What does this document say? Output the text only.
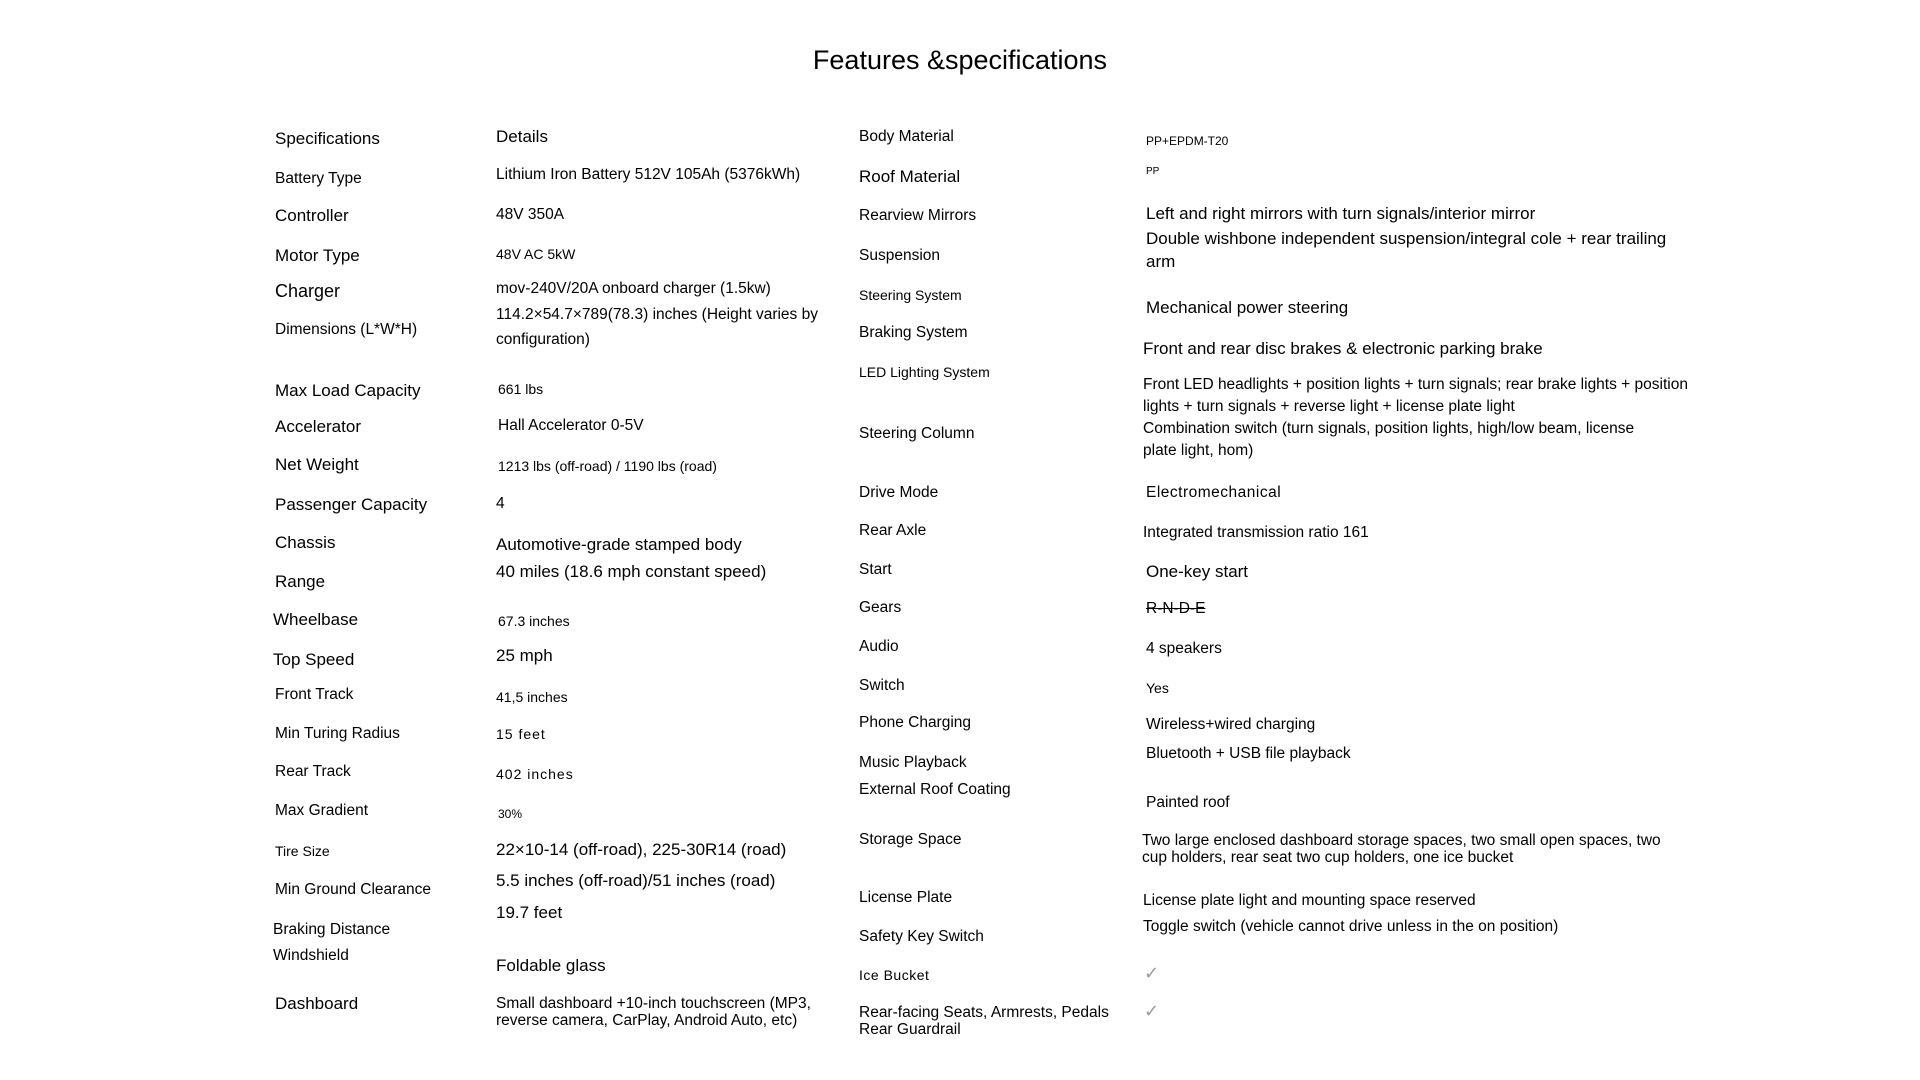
Features &specifications
Specifications
Battery Type
Controller
Motor Type
Charger
Dimensions (L*W*H)
Max Load Capacity
Accelerator
Net Weight
Passenger Capacity
Chassis
Range
Wheelbase
Top Speed
Front Track
Min Turing Radius
Rear Track
Max Gradient
Tire Size
Min Ground Clearance
Braking Distance
Windshield
Dashboard
Details
Lithium Iron Battery 512V 105Ah (5376kWh)
48V 350A
48V AC 5kW
mov-240V/20A onboard charger (1.5kw)
114.2×54.7×789(78.3) inches (Height varies by configuration)
661 lbs
Hall Accelerator 0-5V
1213 lbs (off-road) / 1190 lbs (road)
4
Automotive-grade stamped body
40 miles (18.6 mph constant speed)
67.3 inches
25 mph
41,5 inches
15 feet
402 inches
30%
22×10-14 (off-road), 225-30R14 (road)
5.5 inches (off-road)/51 inches (road)
19.7 feet
Foldable glass
Small dashboard +10-inch touchscreen (MP3, reverse camera, CarPlay, Android Auto, etc)
Body Material
Roof Material
Rearview Mirrors
Suspension
Steering System
Braking System
LED Lighting System
Steering Column
Drive Mode
Rear Axle
Start
Gears
Audio
Switch
Phone Charging
Music Playback
External Roof Coating
Storage Space
License Plate
Safety Key Switch
Ice Bucket
Rear-facing Seats, Armrests, Pedals Rear Guardrail
PP+EPDM-T20
PP
Left and right mirrors with turn signals/interior mirror
Double wishbone independent suspension/integral cole + rear trailing arm
Mechanical power steering
Front and rear disc brakes & electronic parking brake
Front LED headlights + position lights + turn signals; rear brake lights + position lights + turn signals + reverse light + license plate light
Combination switch (turn signals, position lights, high/low beam, license plate light, hom)
Electromechanical
Integrated transmission ratio 161
One-key start
R-N-D-E
4 speakers
Yes
Wireless+wired charging
Bluetooth + USB file playback
Painted roof
Two large enclosed dashboard storage spaces, two small open spaces, two cup holders, rear seat two cup holders, one ice bucket
License plate light and mounting space reserved
Toggle switch (vehicle cannot drive unless in the on position)
✓
✓
